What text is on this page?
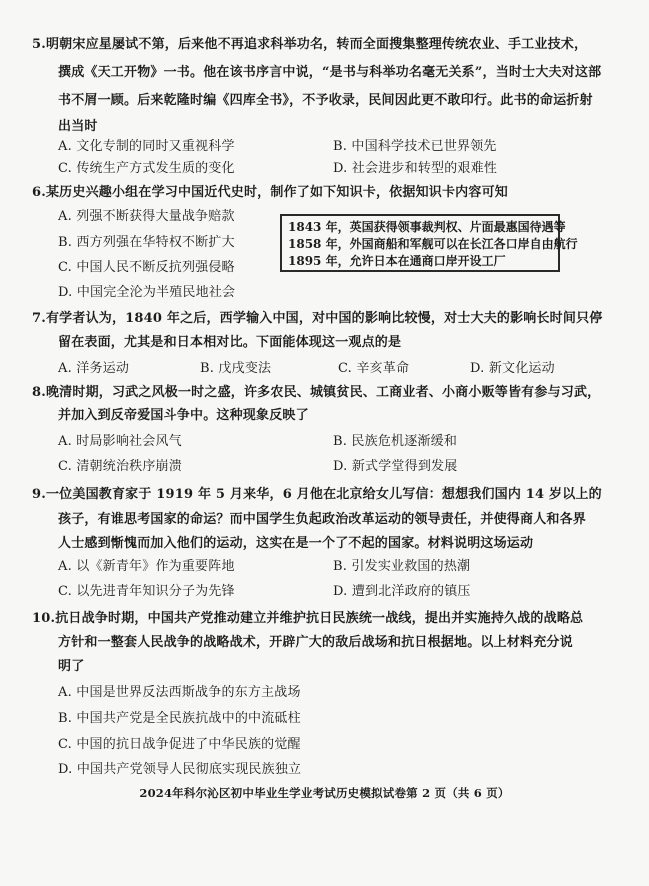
5.明朝宋应星屡试不第，后来他不再追求科举功名，转而全面搜集整理传统农业、手工业技术，
撰成《天工开物》一书。他在该书序言中说，“是书与科举功名毫无关系”，当时士大夫对这部
书不屑一顾。后来乾隆时编《四库全书》，不予收录，民间因此更不敢印行。此书的命运折射
出当时
A. 文化专制的同时又重视科学	B. 中国科学技术已世界领先
C. 传统生产方式发生质的变化	D. 社会进步和转型的艰难性
6.某历史兴趣小组在学习中国近代史时，制作了如下知识卡，依据知识卡内容可知
A. 列强不断获得大量战争赔款
B. 西方列强在华特权不断扩大
C. 中国人民不断反抗列强侵略
D. 中国完全沦为半殖民地社会
1843 年，英国获得领事裁判权、片面最惠国待遇等
1858 年，外国商船和军舰可以在长江各口岸自由航行
1895 年，允许日本在通商口岸开设工厂
7.有学者认为，1840 年之后，西学输入中国，对中国的影响比较慢，对士大夫的影响长时间只停
留在表面，尤其是和日本相对比。下面能体现这一观点的是
A. 洋务运动	B. 戊戌变法	C. 辛亥革命	D. 新文化运动
8.晚清时期，习武之风极一时之盛，许多农民、城镇贫民、工商业者、小商小贩等皆有参与习武，
并加入到反帝爱国斗争中。这种现象反映了
A. 时局影响社会风气	B. 民族危机逐渐缓和
C. 清朝统治秩序崩溃	D. 新式学堂得到发展
9.一位美国教育家于 1919 年 5 月来华，6 月他在北京给女儿写信：想想我们国内 14 岁以上的
孩子，有谁思考国家的命运？而中国学生负起政治改革运动的领导责任，并使得商人和各界
人士感到惭愧而加入他们的运动，这实在是一个了不起的国家。材料说明这场运动
A. 以《新青年》作为重要阵地	B. 引发实业救国的热潮
C. 以先进青年知识分子为先锋	D. 遭到北洋政府的镇压
10.抗日战争时期，中国共产党推动建立并维护抗日民族统一战线，提出并实施持久战的战略总
方针和一整套人民战争的战略战术，开辟广大的敌后战场和抗日根据地。以上材料充分说
明了
A. 中国是世界反法西斯战争的东方主战场
B. 中国共产党是全民族抗战中的中流砥柱
C. 中国的抗日战争促进了中华民族的觉醒
D. 中国共产党领导人民彻底实现民族独立
2024年科尔沁区初中毕业生学业考试历史模拟试卷第 2 页（共 6 页）
